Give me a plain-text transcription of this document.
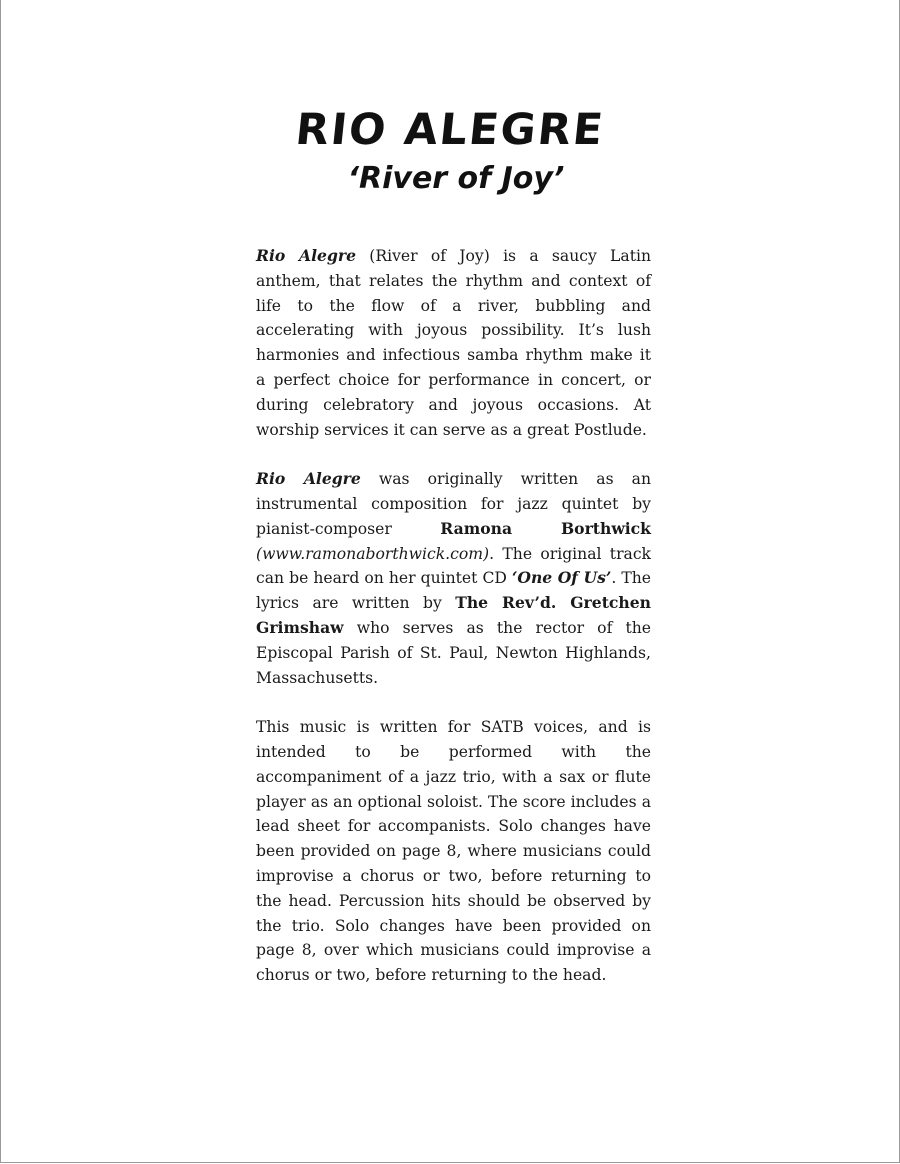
RIO ALEGRE
‘River of Joy’

Rio Alegre (River of Joy) is a saucy Latin anthem, that relates the rhythm and context of life to the flow of a river, bubbling and accelerating with joyous possibility. It’s lush harmonies and infectious samba rhythm make it a perfect choice for performance in concert, or during celebratory and joyous occasions. At worship services it can serve as a great Postlude.

Rio Alegre was originally written as an instrumental composition for jazz quintet by pianist-composer Ramona Borthwick (www.ramonaborthwick.com). The original track can be heard on her quintet CD ‘One Of Us’. The lyrics are written by The Rev’d. Gretchen Grimshaw who serves as the rector of the Episcopal Parish of St. Paul, Newton Highlands, Massachusetts.

This music is written for SATB voices, and is intended to be performed with the accompaniment of a jazz trio, with a sax or flute player as an optional soloist. The score includes a lead sheet for accompanists. Solo changes have been provided on page 8, where musicians could improvise a chorus or two, before returning to the head. Percussion hits should be observed by the trio. Solo changes have been provided on page 8, over which musicians could improvise a chorus or two, before returning to the head.
